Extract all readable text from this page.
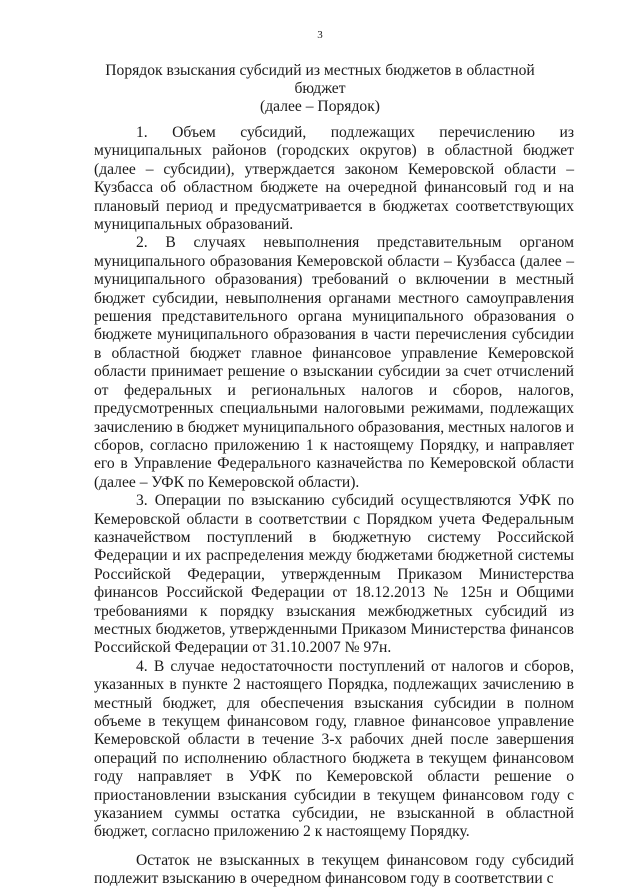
3
Порядок взыскания субсидий из местных бюджетов в областной бюджет
(далее – Порядок)

1. Объем субсидий, подлежащих перечислению из муниципальных районов (городских округов) в областной бюджет (далее – субсидии), утверждается законом Кемеровской области – Кузбасса об областном бюджете на очередной финансовый год и на плановый период и предусматривается в бюджетах соответствующих муниципальных образований.

2. В случаях невыполнения представительным органом муниципального образования Кемеровской области – Кузбасса (далее – муниципального образования) требований о включении в местный бюджет субсидии, невыполнения органами местного самоуправления решения представительного органа муниципального образования о бюджете муниципального образования в части перечисления субсидии в областной бюджет главное финансовое управление Кемеровской области принимает решение о взыскании субсидии за счет отчислений от федеральных и региональных налогов и сборов, налогов, предусмотренных специальными налоговыми режимами, подлежащих зачислению в бюджет муниципального образования, местных налогов и сборов, согласно приложению 1 к настоящему Порядку, и направляет его в Управление Федерального казначейства по Кемеровской области (далее – УФК по Кемеровской области).

3. Операции по взысканию субсидий осуществляются УФК по Кемеровской области в соответствии с Порядком учета Федеральным казначейством поступлений в бюджетную систему Российской Федерации и их распределения между бюджетами бюджетной системы Российской Федерации, утвержденным Приказом Министерства финансов Российской Федерации от 18.12.2013 № 125н и Общими требованиями к порядку взыскания межбюджетных субсидий из местных бюджетов, утвержденными Приказом Министерства финансов Российской Федерации от 31.10.2007 № 97н.

4. В случае недостаточности поступлений от налогов и сборов, указанных в пункте 2 настоящего Порядка, подлежащих зачислению в местный бюджет, для обеспечения взыскания субсидии в полном объеме в текущем финансовом году, главное финансовое управление Кемеровской области в течение 3-х рабочих дней после завершения операций по исполнению областного бюджета в текущем финансовом году направляет в УФК по Кемеровской области решение о приостановлении взыскания субсидии в текущем финансовом году с указанием суммы остатка субсидии, не взысканной в областной бюджет, согласно приложению 2 к настоящему Порядку.

Остаток не взысканных в текущем финансовом году субсидий подлежит взысканию в очередном финансовом году в соответствии с
